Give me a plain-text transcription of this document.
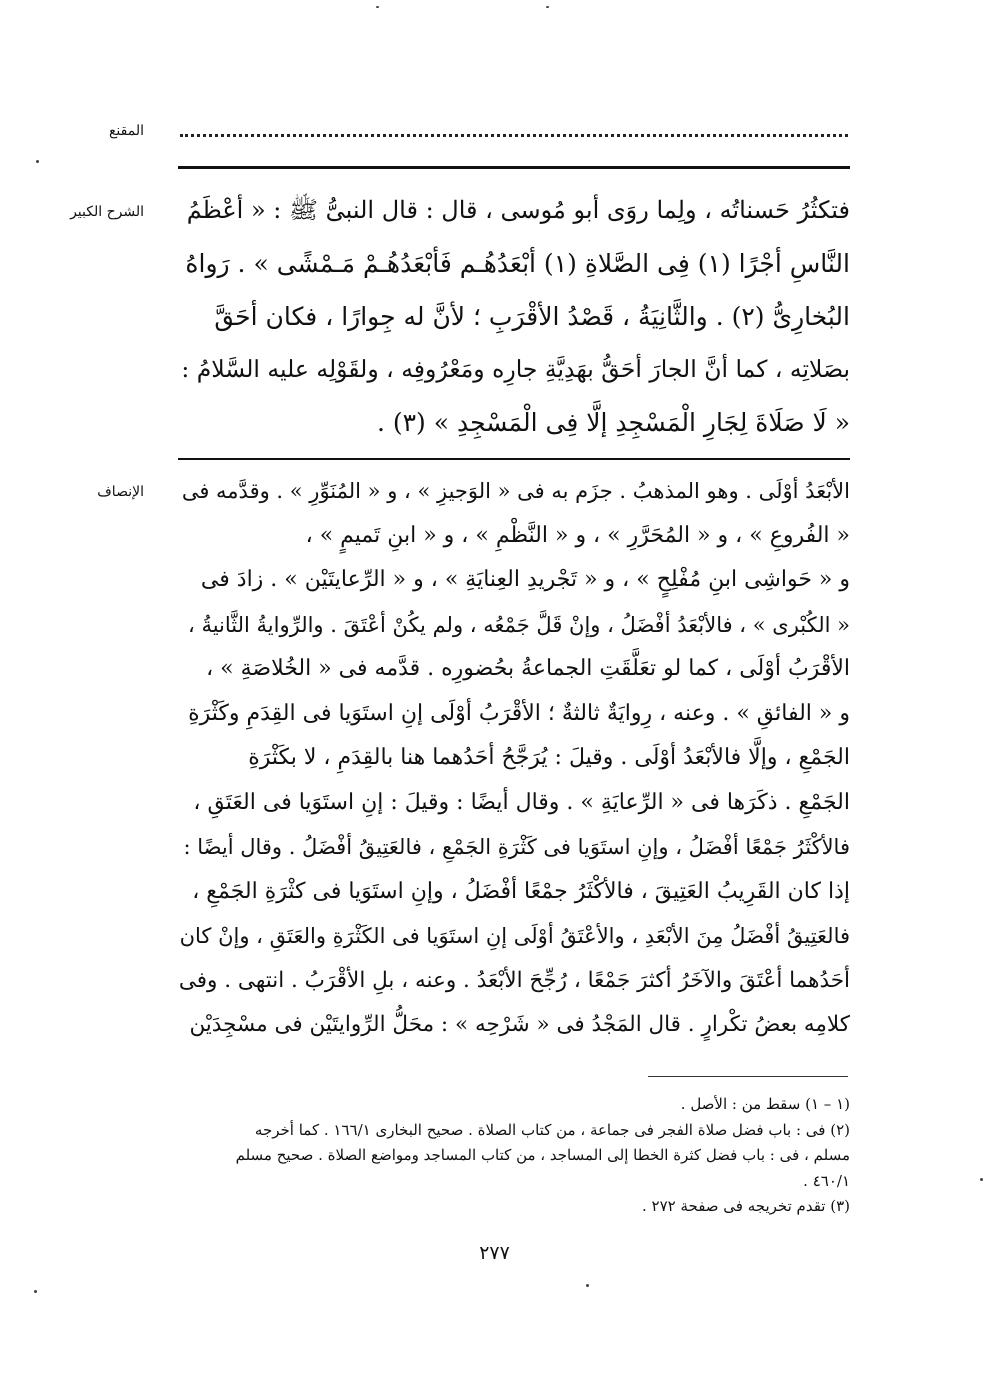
المقنع
الشرح الكبير	فتكثُرُ حَسناتُه ، ولِما روَى أبو مُوسى ، قال : قال النبىُّ ﷺ : « أعْظَمُ
النَّاسِ أجْرًا (١) فِى الصَّلاةِ (١) أبْعَدُهُـم فَأبْعَدُهُـمْ مَـمْشًى » . رَواهُ
البُخارِىُّ (٢) . والثَّانِيَةُ ، قَصْدُ الأقْرَبِ ؛ لأنَّ له جِوارًا ، فكان أحَقَّ
بصَلاتِه ، كما أنَّ الجارَ أحَقُّ بهَدِيَّةِ جارِه ومَعْرُوفِه ، ولقَوْلِه عليه السَّلامُ :
« لَا صَلَاةَ لِجَارِ الْمَسْجِدِ إلَّا فِى الْمَسْجِدِ » (٣) .

الإنصاف الأبْعَدُ أوْلَى . وهو المذهبُ . جزَم به فى « الوَجيزِ » ، و « المُنَوِّرِ » . وقدَّمه فى
« الفُروعِ » ، و « المُحَرَّرِ » ، و « النَّظْمِ » ، و « ابنِ تَميمٍ » ،
و « حَواشِى ابنِ مُفْلِحٍ » ، و « تَجْريدِ العِنايَةِ » ، و « الرِّعايتَيْن » . زادَ فى
« الكُبْرى » ، فالأبْعَدُ أفْضَلُ ، وإنْ قَلَّ جَمْعُه ، ولم يكُنْ أعْتَقَ . والرِّوايةُ الثَّانيةُ ،
الأقْرَبُ أوْلَى ، كما لو تعَلَّقَتِ الجماعةُ بحُضورِه . قدَّمه فى « الخُلاصَةِ » ،
و « الفائقِ » . وعنه ، رِوايَةٌ ثالثةٌ ؛ الأقْرَبُ أوْلَى إنِ استَوَيا فى القِدَمِ وكَثْرَةِ
الجَمْعِ ، وإلَّا فالأبْعَدُ أوْلَى . وقيلَ : يُرَجَّحُ أحَدُهما هنا بالقِدَمِ ، لا بكَثْرَةِ
الجَمْعِ . ذكَرَها فى « الرِّعايَةِ » . وقال أيضًا : وقيلَ : إنِ استَوَيا فى العَتَقِ ،
فالأكْثَرُ جَمْعًا أفْضَلُ ، وإنِ استَوَيا فى كَثْرَةِ الجَمْعِ ، فالعَتِيقُ أفْضَلُ . وقال أيضًا :
إذا كان القَرِيبُ العَتِيقَ ، فالأكْثَرُ جمْعًا أفْضَلُ ، وإنِ استَوَيا فى كثْرَةِ الجَمْعِ ،
فالعَتِيقُ أفْضَلُ مِنَ الأبْعَدِ ، والأعْتَقُ أوْلَى إنِ استَوَيا فى الكَثْرَةِ والعَتَقِ ، وإنْ كان
أحَدُهما أعْتَقَ والآخَرُ أكثرَ جَمْعًا ، رُجِّحَ الأبْعَدُ . وعنه ، بلِ الأقْرَبُ . انتهى . وفى
كلامِه بعضُ تكْرارٍ . قال المَجْدُ فى « شَرْحِه » : محَلُّ الرِّوايتَيْن فى مسْجِدَيْن

(١ – ١) سقط من : الأصل .
(٢) فى : باب فضل صلاة الفجر فى جماعة ، من كتاب الصلاة . صحيح البخارى ١٦٦/١ . كما أخرجه
مسلم ، فى : باب فضل كثرة الخطا إلى المساجد ، من كتاب المساجد ومواضع الصلاة . صحيح مسلم
٤٦٠/١ .
(٣) تقدم تخريجه فى صفحة ٢٧٢ .

٢٧٧
